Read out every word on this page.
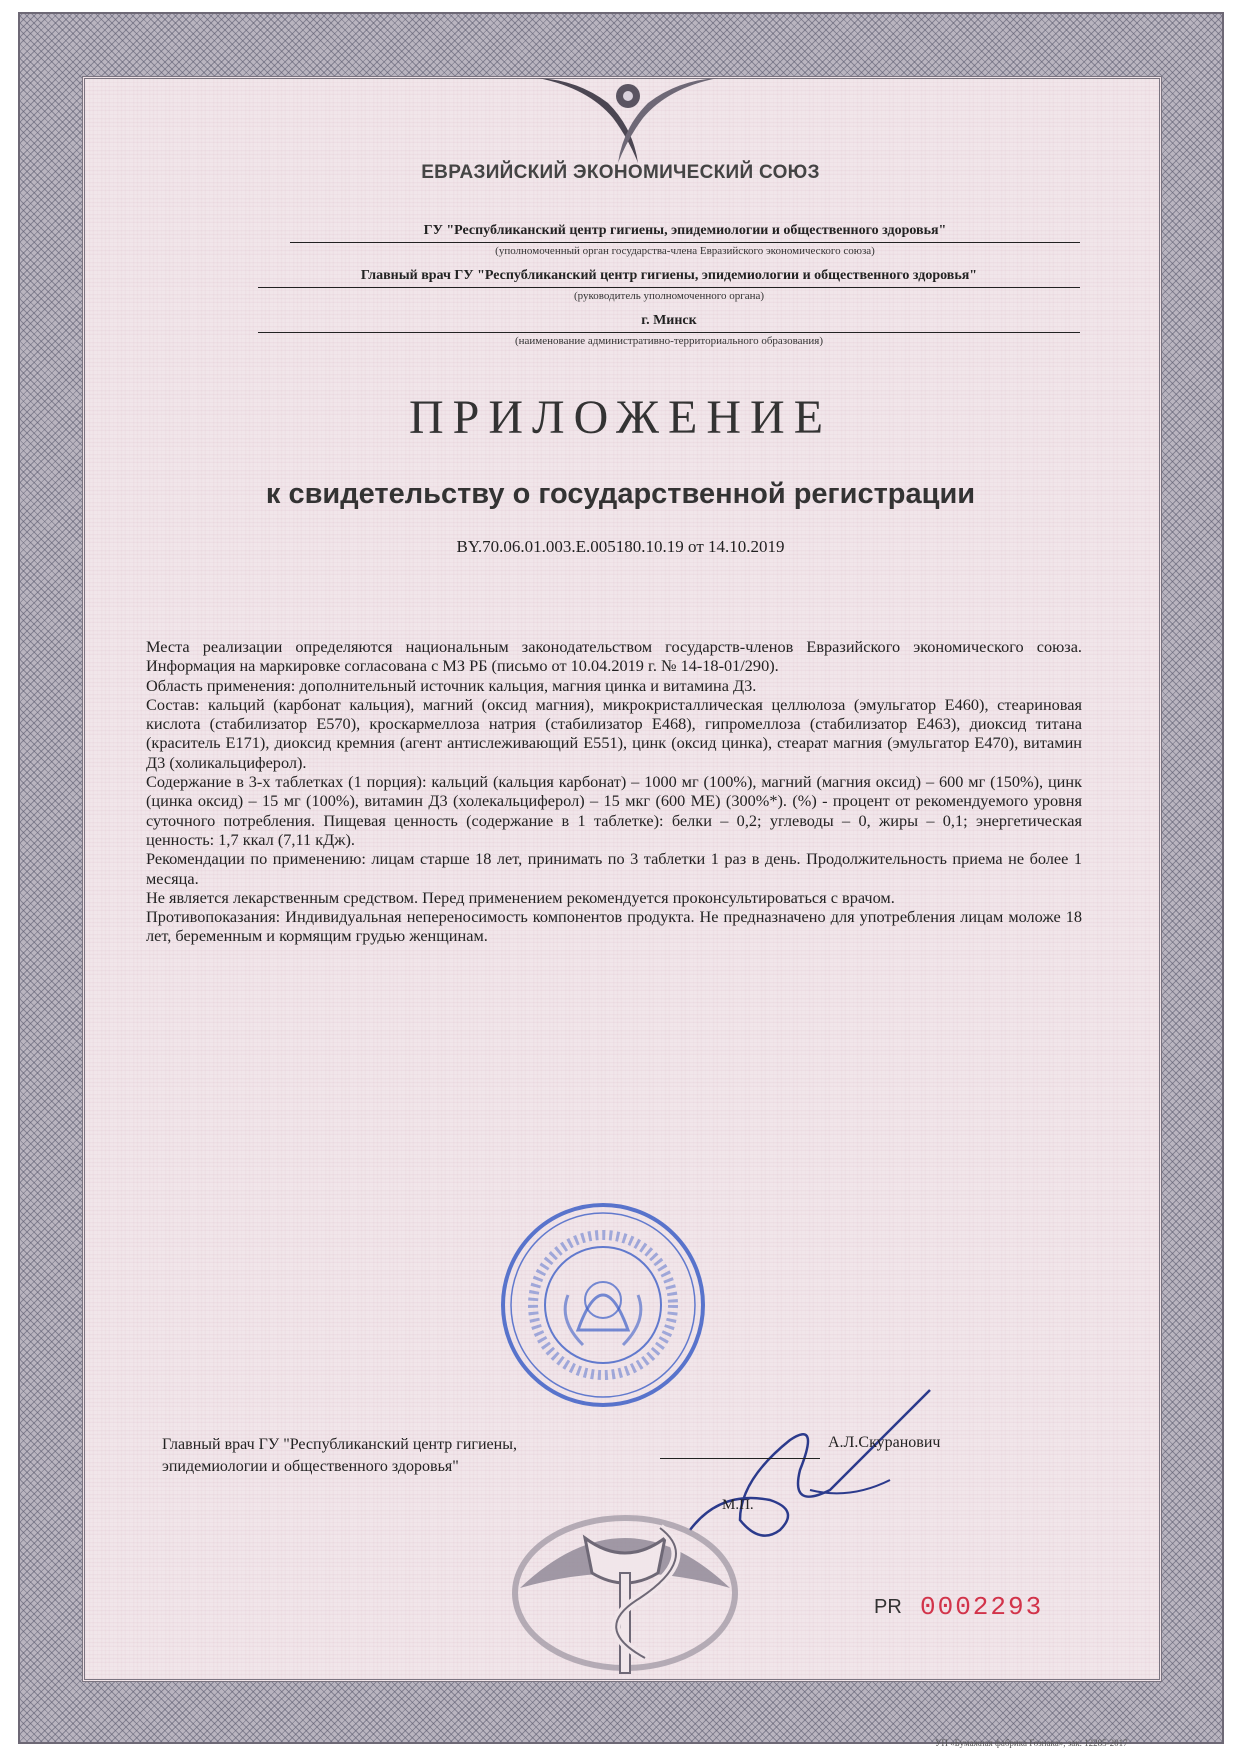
ЕВРАЗИЙСКИЙ ЭКОНОМИЧЕСКИЙ СОЮЗ
ГУ "Республиканский центр гигиены, эпидемиологии и общественного здоровья"
(уполномоченный орган государства-члена Евразийского экономического союза)
Главный врач ГУ "Республиканский центр гигиены, эпидемиологии и общественного здоровья"
(руководитель уполномоченного органа)
г. Минск
(наименование административно-территориального образования)
ПРИЛОЖЕНИЕ
к свидетельству о государственной регистрации
BY.70.06.01.003.E.005180.10.19 от 14.10.2019

Места реализации определяются национальным законодательством государств-членов Евразийского экономического союза. Информация на маркировке согласована с МЗ РБ (письмо от 10.04.2019 г. № 14-18-01/290).

Область применения: дополнительный источник кальция, магния цинка и витамина Д3.

Состав: кальций (карбонат кальция), магний (оксид магния), микрокристаллическая целлюлоза (эмульгатор Е460), стеариновая кислота (стабилизатор Е570), кроскармеллоза натрия (стабилизатор Е468), гипромеллоза (стабилизатор Е463), диоксид титана (краситель Е171), диоксид кремния (агент антислеживающий Е551), цинк (оксид цинка), стеарат магния (эмульгатор Е470), витамин Д3 (холикальциферол).

Содержание в 3-х таблетках (1 порция): кальций (кальция карбонат) – 1000 мг (100%), магний (магния оксид) – 600 мг (150%), цинк (цинка оксид) – 15 мг (100%), витамин Д3 (холекальциферол) – 15 мкг (600 МЕ) (300%*). (%) - процент от рекомендуемого уровня суточного потребления. Пищевая ценность (содержание в 1 таблетке): белки – 0,2; углеводы – 0, жиры – 0,1; энергетическая ценность: 1,7 ккал (7,11 кДж).

Рекомендации по применению: лицам старше 18 лет, принимать по 3 таблетки 1 раз в день. Продолжительность приема не более 1 месяца.

Не является лекарственным средством. Перед применением рекомендуется проконсультироваться с врачом.

Противопоказания: Индивидуальная непереносимость компонентов продукта. Не предназначено для употребления лицам моложе 18 лет, беременным и кормящим грудью женщинам.

Главный врач ГУ "Республиканский центр гигиены,
эпидемиологии и общественного здоровья"
А.Л.Скуранович
М.П.
PR 0002293
УП «Бумажная фабрика Гознака», зак. 12285-2017
